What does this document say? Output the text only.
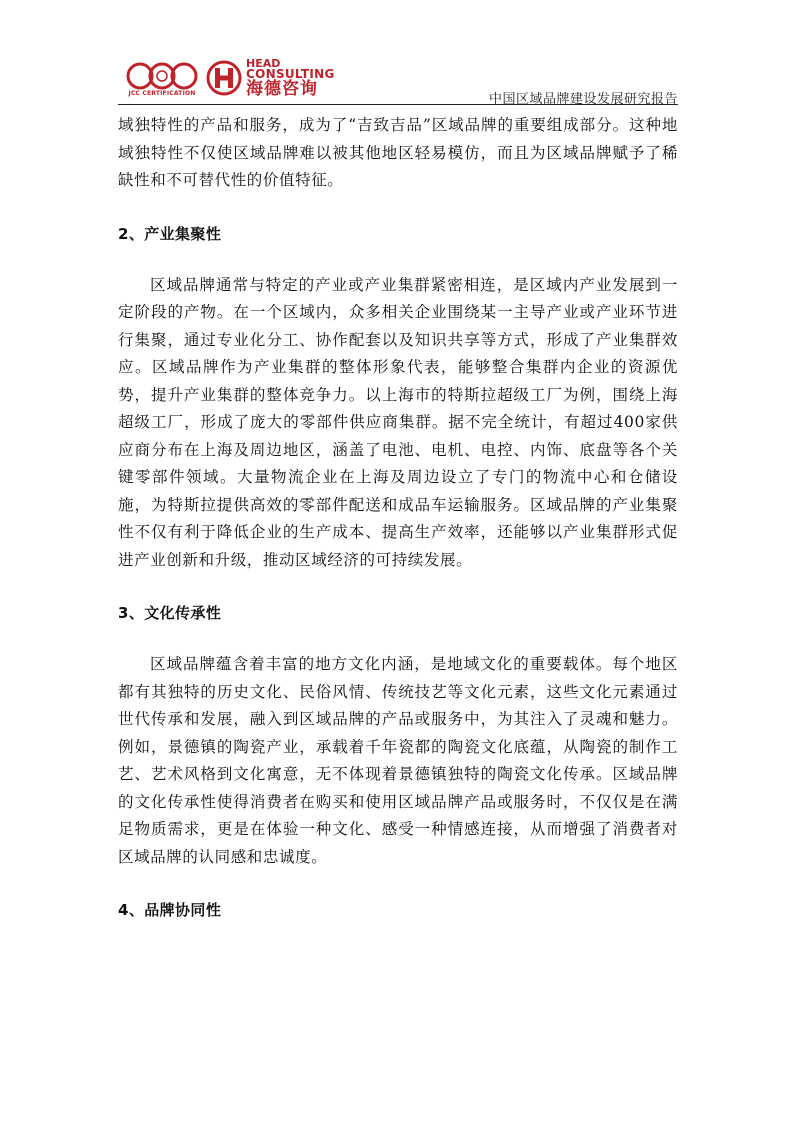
JCC CERTIFICATION
HEAD
CONSULTING
海德咨询
中国区域品牌建设发展研究报告

域独特性的产品和服务，成为了“吉致吉品”区域品牌的重要组成部分。这种地域独特性不仅使区域品牌难以被其他地区轻易模仿，而且为区域品牌赋予了稀缺性和不可替代性的价值特征。

2、产业集聚性

区域品牌通常与特定的产业或产业集群紧密相连，是区域内产业发展到一定阶段的产物。在一个区域内，众多相关企业围绕某一主导产业或产业环节进行集聚，通过专业化分工、协作配套以及知识共享等方式，形成了产业集群效应。区域品牌作为产业集群的整体形象代表，能够整合集群内企业的资源优势，提升产业集群的整体竞争力。以上海市的特斯拉超级工厂为例，围绕上海超级工厂，形成了庞大的零部件供应商集群。据不完全统计，有超过400家供应商分布在上海及周边地区，涵盖了电池、电机、电控、内饰、底盘等各个关键零部件领域。大量物流企业在上海及周边设立了专门的物流中心和仓储设施，为特斯拉提供高效的零部件配送和成品车运输服务。区域品牌的产业集聚性不仅有利于降低企业的生产成本、提高生产效率，还能够以产业集群形式促进产业创新和升级，推动区域经济的可持续发展。

3、文化传承性

区域品牌蕴含着丰富的地方文化内涵，是地域文化的重要载体。每个地区都有其独特的历史文化、民俗风情、传统技艺等文化元素，这些文化元素通过世代传承和发展，融入到区域品牌的产品或服务中，为其注入了灵魂和魅力。例如，景德镇的陶瓷产业，承载着千年瓷都的陶瓷文化底蕴，从陶瓷的制作工艺、艺术风格到文化寓意，无不体现着景德镇独特的陶瓷文化传承。区域品牌的文化传承性使得消费者在购买和使用区域品牌产品或服务时，不仅仅是在满足物质需求，更是在体验一种文化、感受一种情感连接，从而增强了消费者对区域品牌的认同感和忠诚度。

4、品牌协同性
